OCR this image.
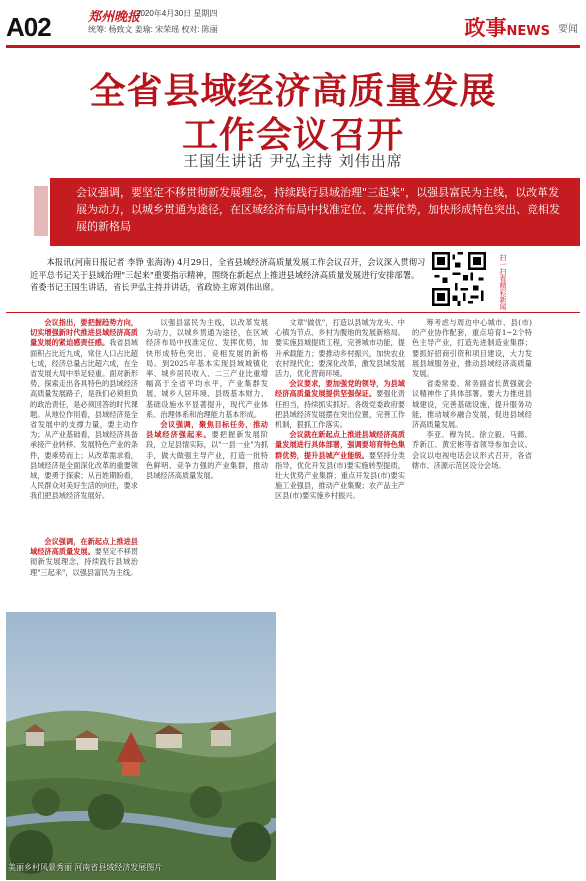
A02	郑州晚报
2020年4月30日 星期四
统筹: 杨致文 姜瑜: 宋荣瑶 校对: 陈丽	政事NEWS 要闻
全省县域经济高质量发展
工作会议召开
王国生讲话 尹弘主持 刘伟出席
会议强调，要坚定不移贯彻新发展理念，持续践行县域治理"三起来"，以强县富民为主线，以改革发展为动力，以城乡贯通为途径，在区域经济布局中找准定位、发挥优势，加快形成特色突出、竞相发展的新格局
本报讯(河南日报记者 李铮 张海涛) 4月29日，全省县域经济高质量发展工作会议召开，会议深入贯彻习近平总书记关于县域治理"三起来"重要指示精神，围绕在新起点上推进县域经济高质量发展进行安排部署。省委书记王国生讲话，省长尹弘主持并讲话，省政协主席刘伟出席。	扫一扫看精彩新闻

会议指出，要把握趋势方向，切实增强新时代推进县域经济高质量发展的紧迫感责任感。我省县域面积占比近九成，常住人口占比超七成，经济总量占比超六成，在全省发展大局中举足轻重。面对新形势，探索走出各具特色的县域经济高质量发展路子，是我们必须担负的政治责任，是必须回答的时代课题。从地位作用看，县域经济是全省发展中的支撑力量，要主动作为；从产业基础看，县域经济具备承接产业转移、发展特色产业的条件，要乘势而上；从改革需求看，县域经济是全面深化改革的重要领域，要勇于探索；从百姓期盼看，人民群众对美好生活的向往，要求我们把县域经济发展好。

会议强调，在新起点上推进县域经济高质量发展。要坚定不移贯彻新发展理念，持续践行县域治理"三起来"，以强县富民为主线。

以强县富民为主线，以改革发展为动力，以城乡贯通为途径，在区域经济布局中找准定位、发挥优势，加快形成特色突出、竞相发展的新格局。到2025年基本实现县域城镇化率、城乡居民收入、二三产业比重增幅高于全省平均水平，产业集群发展、城乡人居环境、县级基本财力、基础设施水平显著提升，现代产业体系、治理体系和治理能力基本形成。

会议强调，聚焦目标任务，推动县域经济强起来。要把握新发展阶段，立足县情实际，以"一县一业"为抓手，做大做强主导产业，打造一批特色鲜明、竞争力强的产业集群，推动县域经济高质量发展。

文章"做优"，打造以县城为龙头、中心镇为节点、乡村为腹地的发展新格局。要实施县城提质工程，完善城市功能，提升承载能力；要推动乡村振兴，加快农业农村现代化；要深化改革，激发县域发展活力，优化营商环境。

会议要求，要加强党的领导，为县域经济高质量发展提供坚强保证。要强化责任担当，持续抓实抓好。各级党委政府要把县域经济发展摆在突出位置，完善工作机制，狠抓工作落实。

会议就在新起点上推进县域经济高质量发展进行具体部署，强调要培育特色集群优势，提升县城产业能级。要坚持分类指导，优化开发县(市)要实施转型提质，壮大优势产业集群；重点开发县(市)要实施工业强县，推动产业集聚；农产品主产区县(市)要实施乡村振兴。

筹考虑与周边中心城市、县(市)的产业协作配套，重点培育1~2个特色主导产业，打造先进制造业集群；要抓好招商引资和项目建设，大力发展县域服务业，推动县域经济高质量发展。

省委常委、常务副省长黄强就会议精神作了具体部署。要大力推进县城建设，完善基础设施，提升服务功能，推动城乡融合发展，促进县域经济高质量发展。

李亚、穆为民、徐立毅、马懿、乔新江、黄宏彬等省领导参加会议。会议以电视电话会议形式召开，各省辖市、济源示范区设分会场。

美丽乡村风景秀丽 河南省县域经济发展图片
